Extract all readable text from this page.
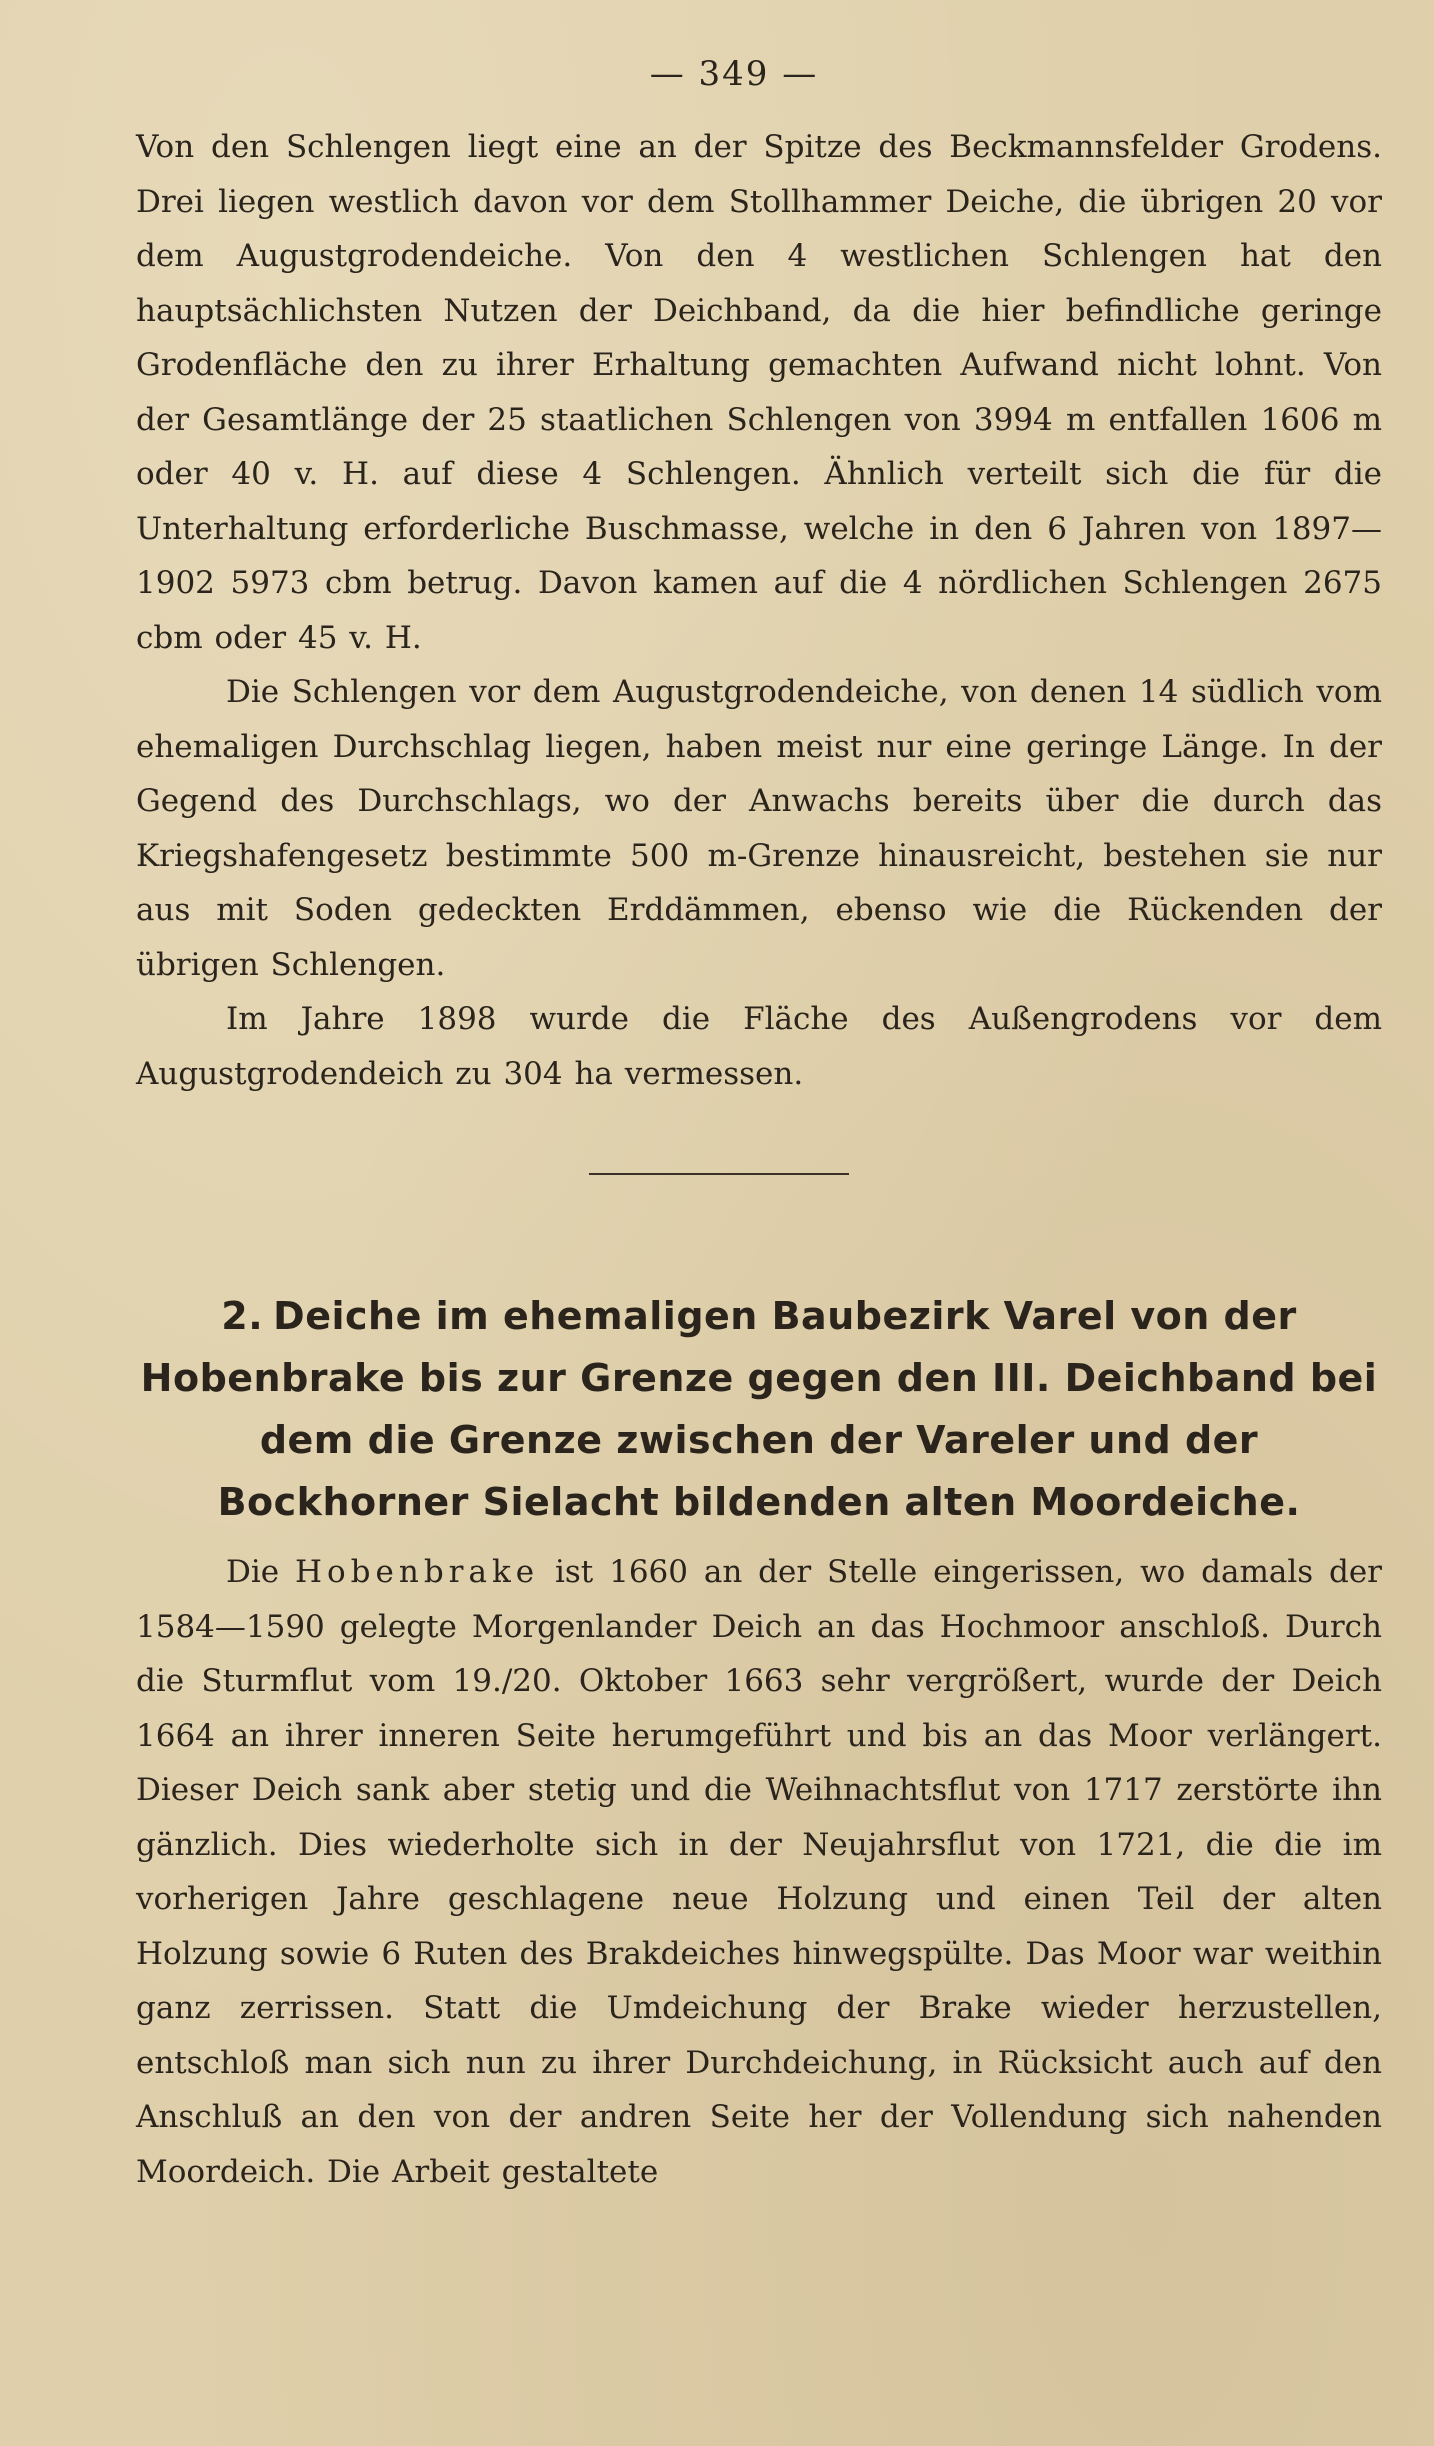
— 349 —

Von den Schlengen liegt eine an der Spitze des Beckmannsfelder Grodens. Drei liegen westlich davon vor dem Stollhammer Deiche, die übrigen 20 vor dem Augustgrodendeiche. Von den 4 westlichen Schlengen hat den hauptsächlichsten Nutzen der Deichband, da die hier befindliche geringe Grodenfläche den zu ihrer Erhaltung gemachten Aufwand nicht lohnt. Von der Gesamtlänge der 25 staatlichen Schlengen von 3994 m entfallen 1606 m oder 40 v. H. auf diese 4 Schlengen. Ähnlich verteilt sich die für die Unterhaltung erforderliche Buschmasse, welche in den 6 Jahren von 1897—1902 5973 cbm betrug. Davon kamen auf die 4 nördlichen Schlengen 2675 cbm oder 45 v. H.

Die Schlengen vor dem Augustgrodendeiche, von denen 14 südlich vom ehemaligen Durchschlag liegen, haben meist nur eine geringe Länge. In der Gegend des Durchschlags, wo der Anwachs bereits über die durch das Kriegshafengesetz bestimmte 500 m-Grenze hinausreicht, bestehen sie nur aus mit Soden gedeckten Erddämmen, ebenso wie die Rückenden der übrigen Schlengen.

Im Jahre 1898 wurde die Fläche des Außengrodens vor dem Augustgrodendeich zu 304 ha vermessen.

2. Deiche im ehemaligen Baubezirk Varel von der Hobenbrake bis zur Grenze gegen den III. Deichband bei dem die Grenze zwischen der Vareler und der Bockhorner Sielacht bildenden alten Moordeiche.

Die Hobenbrake ist 1660 an der Stelle eingerissen, wo damals der 1584—1590 gelegte Morgenlander Deich an das Hochmoor anschloß. Durch die Sturmflut vom 19./20. Oktober 1663 sehr vergrößert, wurde der Deich 1664 an ihrer inneren Seite herumgeführt und bis an das Moor verlängert. Dieser Deich sank aber stetig und die Weihnachtsflut von 1717 zerstörte ihn gänzlich. Dies wiederholte sich in der Neujahrsflut von 1721, die die im vorherigen Jahre geschlagene neue Holzung und einen Teil der alten Holzung sowie 6 Ruten des Brakdeiches hinwegspülte. Das Moor war weithin ganz zerrissen. Statt die Umdeichung der Brake wieder herzustellen, entschloß man sich nun zu ihrer Durchdeichung, in Rücksicht auch auf den Anschluß an den von der andren Seite her der Vollendung sich nahenden Moordeich. Die Arbeit gestaltete
